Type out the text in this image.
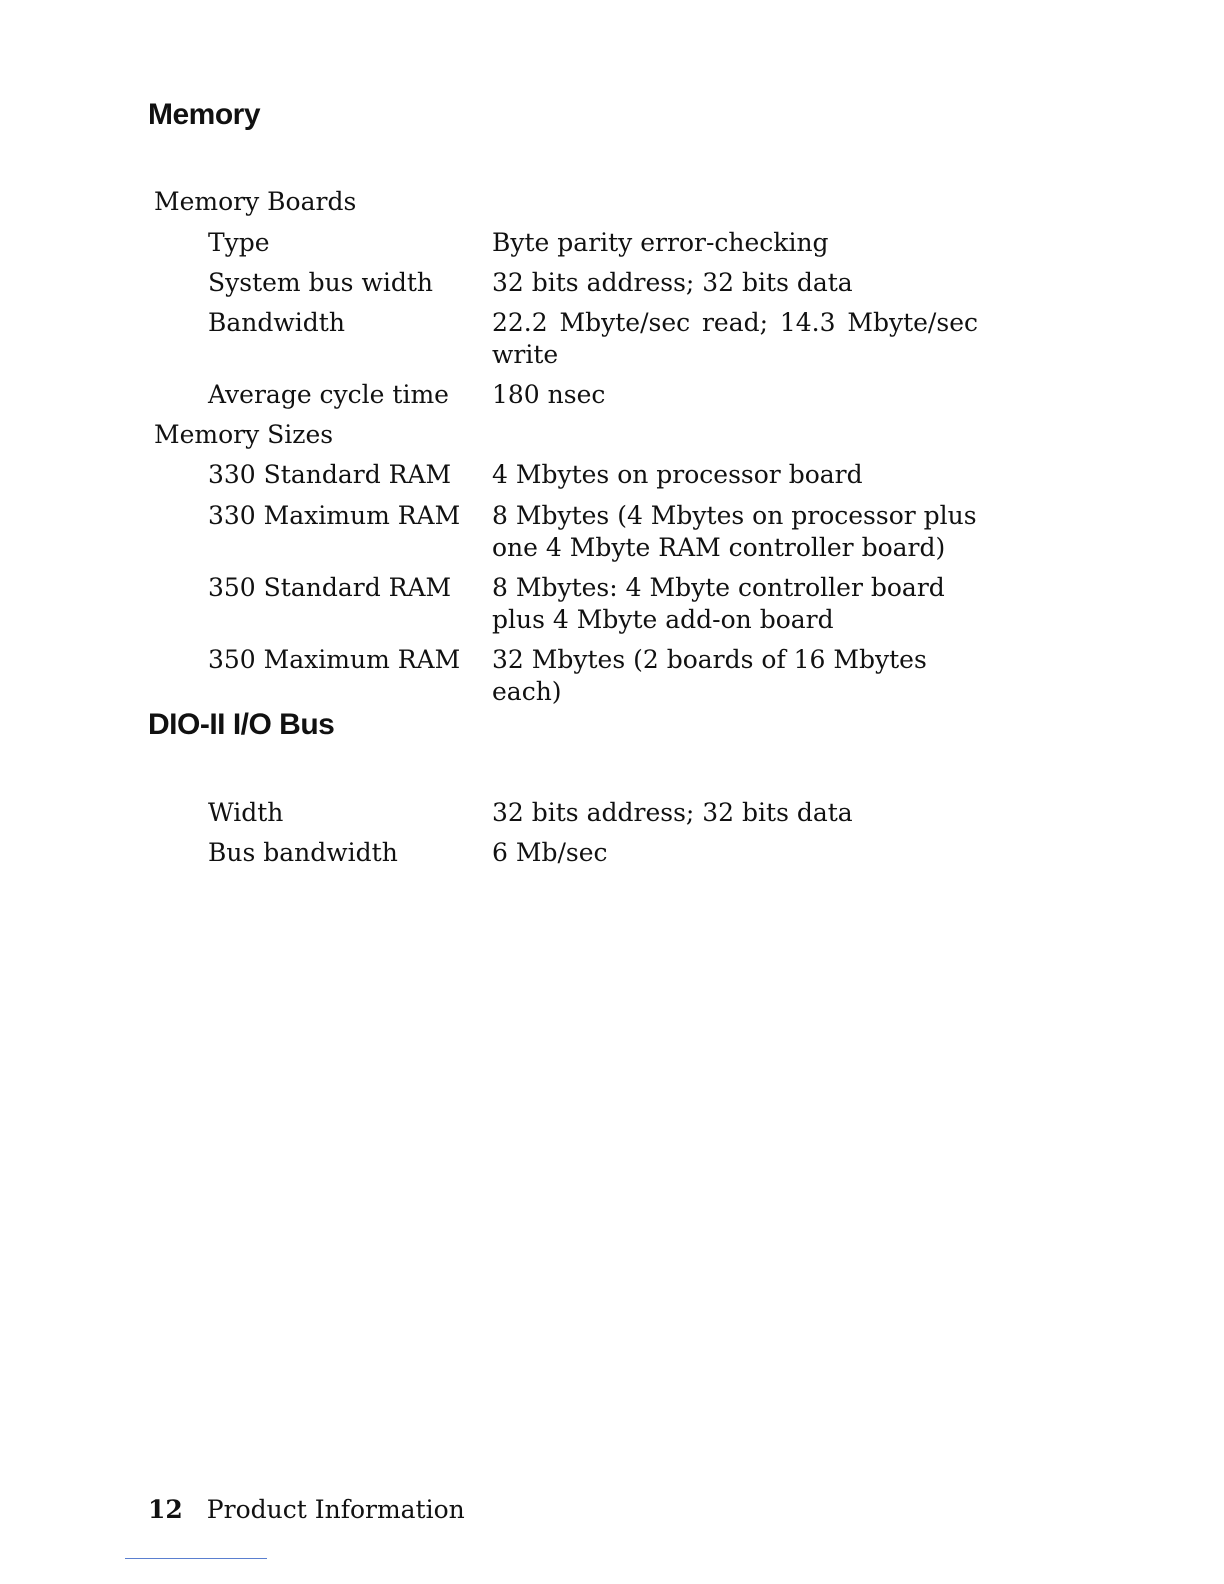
Memory
Memory Boards
Type	Byte parity error-checking
System bus width	32 bits address; 32 bits data
Bandwidth	22.2 Mbyte/sec read; 14.3 Mbyte/sec write
Average cycle time	180 nsec
Memory Sizes
330 Standard RAM	4 Mbytes on processor board
330 Maximum RAM	8 Mbytes (4 Mbytes on processor plus one 4 Mbyte RAM controller board)
350 Standard RAM	8 Mbytes: 4 Mbyte controller board plus 4 Mbyte add-on board
350 Maximum RAM	32 Mbytes (2 boards of 16 Mbytes each)
DIO-II I/O Bus
Width	32 bits address; 32 bits data
Bus bandwidth	6 Mb/sec
12 Product Information
